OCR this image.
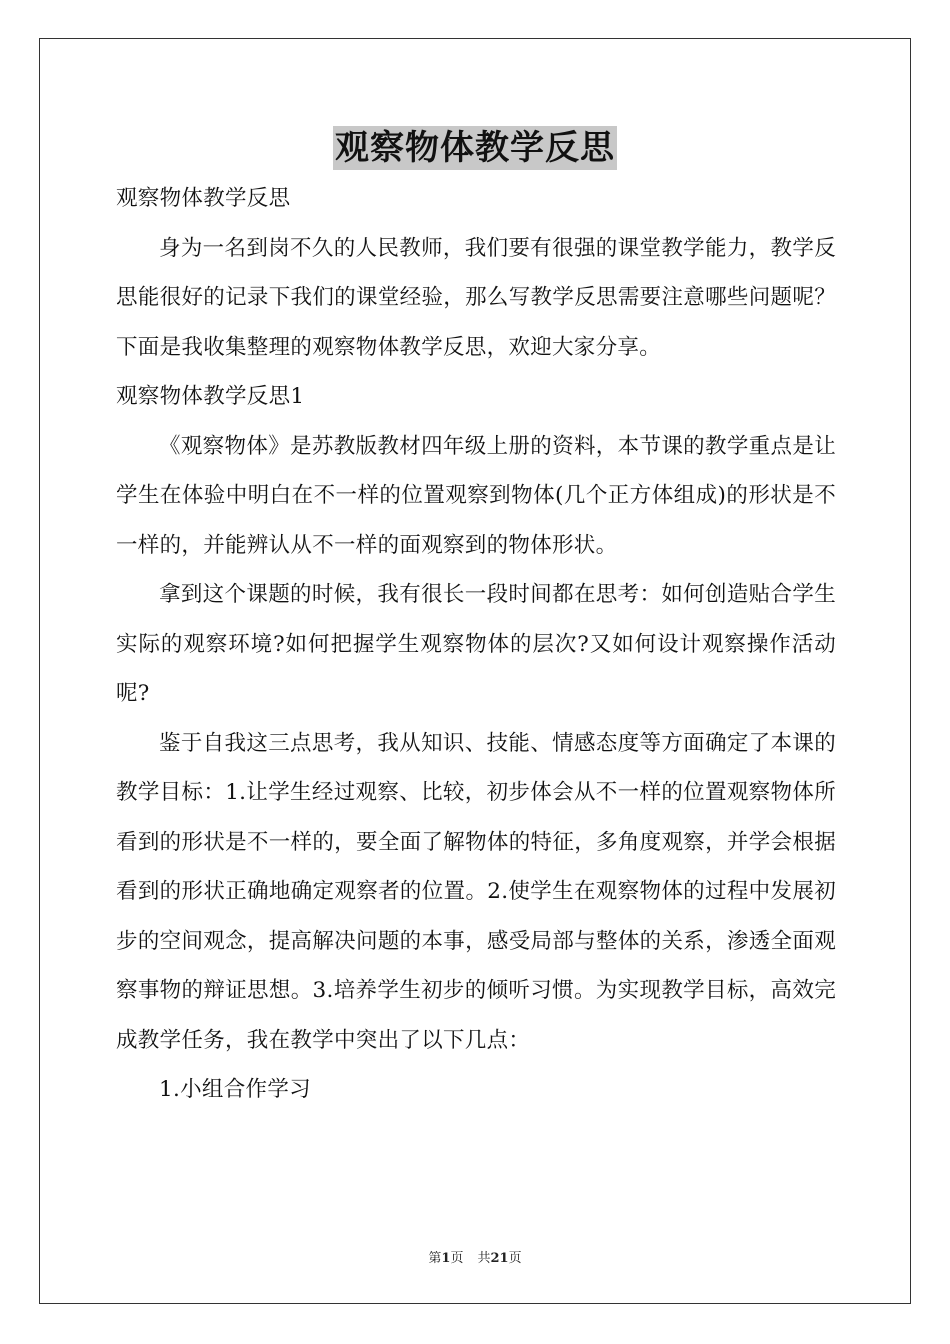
观察物体教学反思

观察物体教学反思

身为一名到岗不久的人民教师，我们要有很强的课堂教学能力，教学反思能很好的记录下我们的课堂经验，那么写教学反思需要注意哪些问题呢？下面是我收集整理的观察物体教学反思，欢迎大家分享。

观察物体教学反思1

《观察物体》是苏教版教材四年级上册的资料，本节课的教学重点是让学生在体验中明白在不一样的位置观察到物体(几个正方体组成)的形状是不一样的，并能辨认从不一样的面观察到的物体形状。

拿到这个课题的时候，我有很长一段时间都在思考：如何创造贴合学生实际的观察环境?如何把握学生观察物体的层次?又如何设计观察操作活动呢?

鉴于自我这三点思考，我从知识、技能、情感态度等方面确定了本课的教学目标：1.让学生经过观察、比较，初步体会从不一样的位置观察物体所看到的形状是不一样的，要全面了解物体的特征，多角度观察，并学会根据看到的形状正确地确定观察者的位置。2.使学生在观察物体的过程中发展初步的空间观念，提高解决问题的本事，感受局部与整体的关系，渗透全面观察事物的辩证思想。3.培养学生初步的倾听习惯。为实现教学目标，高效完成教学任务，我在教学中突出了以下几点：

1.小组合作学习

第1页 共21页
